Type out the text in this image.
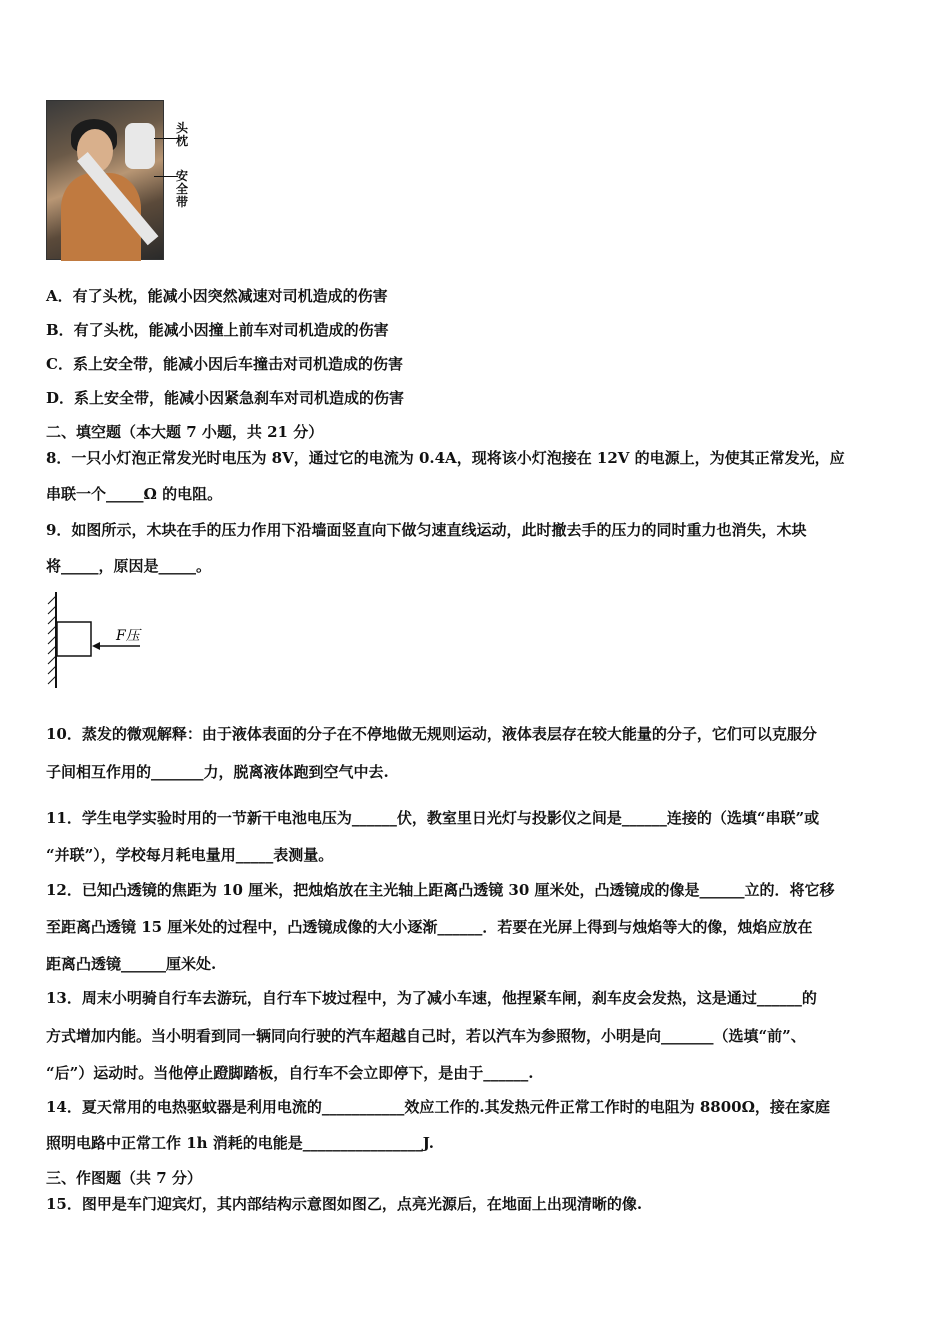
头枕
安全带
A．有了头枕，能减小因突然减速对司机造成的伤害
B．有了头枕，能减小因撞上前车对司机造成的伤害
C．系上安全带，能减小因后车撞击对司机造成的伤害
D．系上安全带，能减小因紧急刹车对司机造成的伤害
二、填空题（本大题 7 小题，共 21 分）
8．一只小灯泡正常发光时电压为 8V，通过它的电流为 0.4A，现将该小灯泡接在 12V 的电源上，为使其正常发光，应
串联一个_____Ω 的电阻。
9．如图所示，木块在手的压力作用下沿墙面竖直向下做匀速直线运动，此时撤去手的压力的同时重力也消失，木块
将_____，原因是_____。
F压
10．蒸发的微观解释：由于液体表面的分子在不停地做无规则运动，液体表层存在较大能量的分子，它们可以克服分
子间相互作用的_______力，脱离液体跑到空气中去.
11．学生电学实验时用的一节新干电池电压为______伏，教室里日光灯与投影仪之间是______连接的（选填“串联”或
“并联”），学校每月耗电量用_____表测量。
12．已知凸透镜的焦距为 10 厘米，把烛焰放在主光轴上距离凸透镜 30 厘米处，凸透镜成的像是______立的．将它移
至距离凸透镜 15 厘米处的过程中，凸透镜成像的大小逐渐______．若要在光屏上得到与烛焰等大的像，烛焰应放在
距离凸透镜______厘米处.
13．周末小明骑自行车去游玩，自行车下坡过程中，为了减小车速，他捏紧车闸，刹车皮会发热，这是通过______的
方式增加内能。当小明看到同一辆同向行驶的汽车超越自己时，若以汽车为参照物，小明是向_______（选填“前”、
“后”）运动时。当他停止蹬脚踏板，自行车不会立即停下，是由于______.
14．夏天常用的电热驱蚊器是利用电流的___________效应工作的.其发热元件正常工作时的电阻为 8800Ω，接在家庭
照明电路中正常工作 1h 消耗的电能是________________J.
三、作图题（共 7 分）
15．图甲是车门迎宾灯，其内部结构示意图如图乙，点亮光源后，在地面上出现清晰的像.
